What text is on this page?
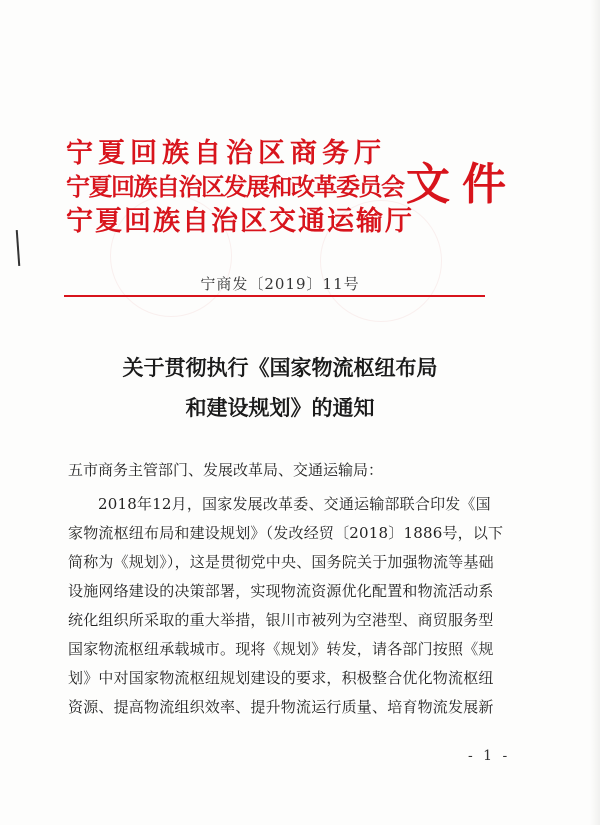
宁夏回族自治区商务厅
宁夏回族自治区发展和改革委员会
宁夏回族自治区交通运输厅
文件
宁商发〔2019〕11号
关于贯彻执行《国家物流枢纽布局
和建设规划》的通知
五市商务主管部门、发展改革局、交通运输局：
2018年12月，国家发展改革委、交通运输部联合印发《国
家物流枢纽布局和建设规划》（发改经贸〔2018〕1886号，以下
简称为《规划》），这是贯彻党中央、国务院关于加强物流等基础
设施网络建设的决策部署，实现物流资源优化配置和物流活动系
统化组织所采取的重大举措，银川市被列为空港型、商贸服务型
国家物流枢纽承载城市。现将《规划》转发，请各部门按照《规
划》中对国家物流枢纽规划建设的要求，积极整合优化物流枢纽
资源、提高物流组织效率、提升物流运行质量、培育物流发展新
- 1 -
